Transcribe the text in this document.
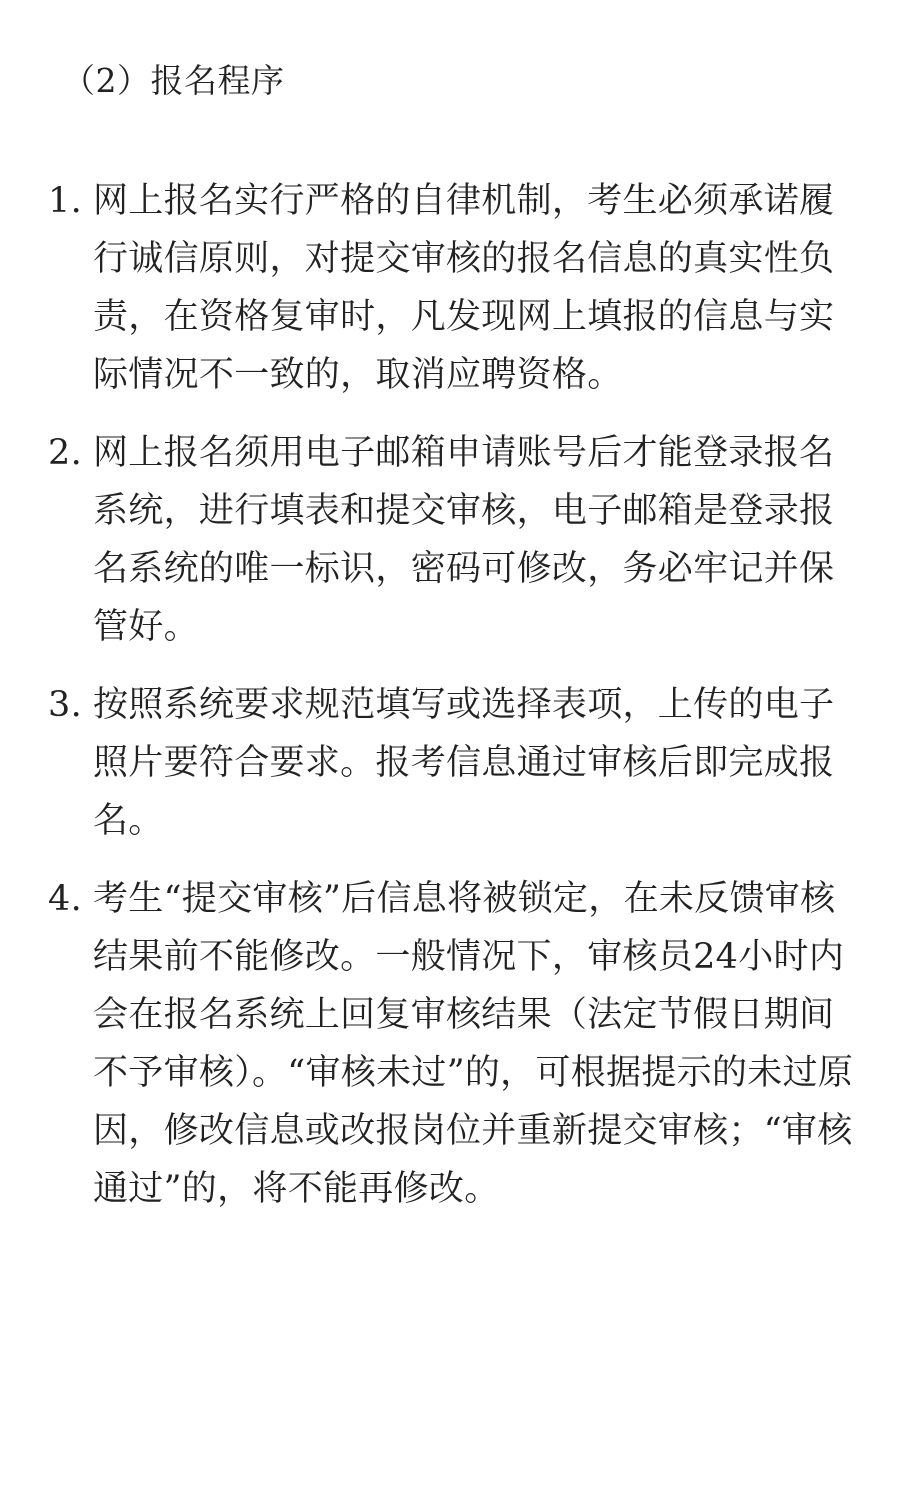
（2）报名程序
1. 网上报名实行严格的自律机制，考生必须承诺履行诚信原则，对提交审核的报名信息的真实性负责，在资格复审时，凡发现网上填报的信息与实际情况不一致的，取消应聘资格。
2. 网上报名须用电子邮箱申请账号后才能登录报名系统，进行填表和提交审核，电子邮箱是登录报名系统的唯一标识，密码可修改，务必牢记并保管好。
3. 按照系统要求规范填写或选择表项，上传的电子照片要符合要求。报考信息通过审核后即完成报名。
4. 考生“提交审核”后信息将被锁定，在未反馈审核结果前不能修改。一般情况下，审核员24小时内会在报名系统上回复审核结果（法定节假日期间不予审核）。“审核未过”的，可根据提示的未过原因，修改信息或改报岗位并重新提交审核；“审核通过”的，将不能再修改。
